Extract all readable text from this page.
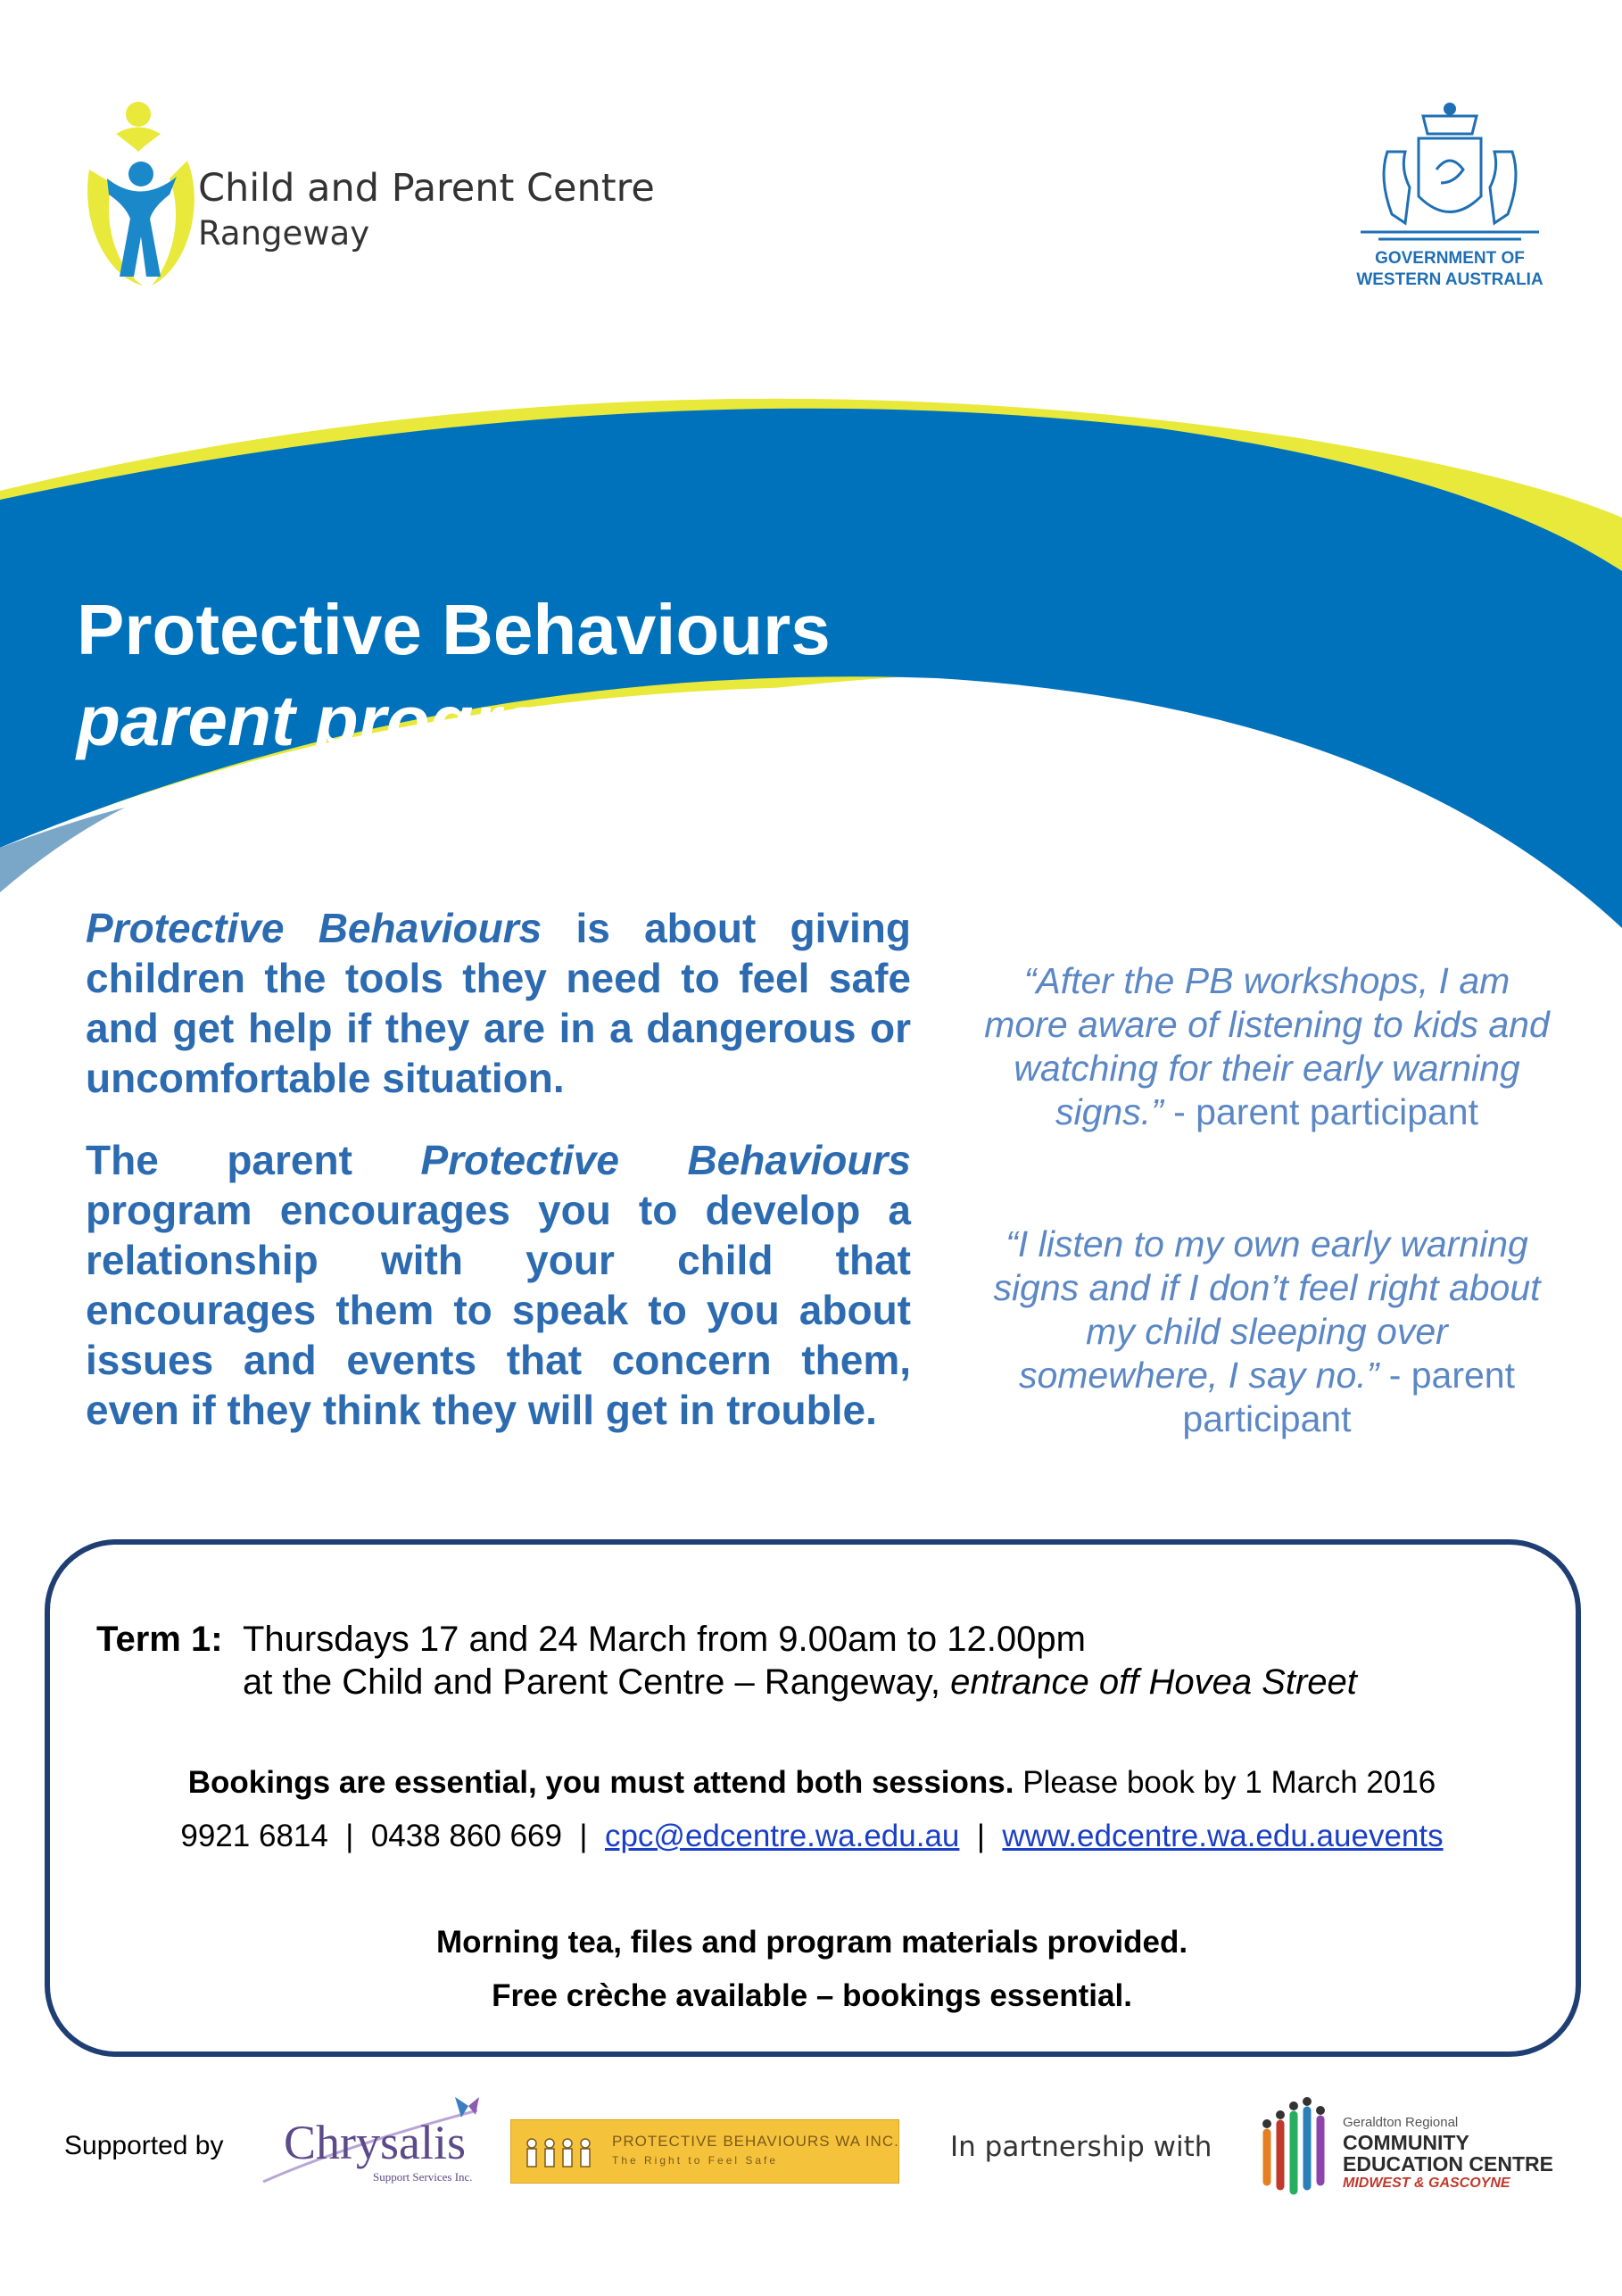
Child and Parent Centre
Rangeway
GOVERNMENT OF
WESTERN AUSTRALIA
Protective Behaviours
parent program
Protective Behaviours is about giving children the tools they need to feel safe and get help if they are in a dangerous or uncomfortable situation.
The parent Protective Behaviours program encourages you to develop a relationship with your child that encourages them to speak to you about issues and events that concern them, even if they think they will get in trouble.
“After the PB workshops, I am more aware of listening to kids and watching for their early warning signs.” - parent participant
“I listen to my own early warning signs and if I don’t feel right about my child sleeping over somewhere, I say no.” - parent participant
Term 1: Thursdays 17 and 24 March from 9.00am to 12.00pm
at the Child and Parent Centre – Rangeway, entrance off Hovea Street
Bookings are essential, you must attend both sessions. Please book by 1 March 2016
9921 6814 | 0438 860 669 | cpc@edcentre.wa.edu.au | www.edcentre.wa.edu.auevents
Morning tea, files and program materials provided.
Free crèche available – bookings essential.
Supported by Chrysalis
Support Services Inc.
PROTECTIVE BEHAVIOURS WA INC.
The Right to Feel Safe	In partnership with
Geraldton Regional
COMMUNITY
EDUCATION CENTRE
MIDWEST & GASCOYNE
